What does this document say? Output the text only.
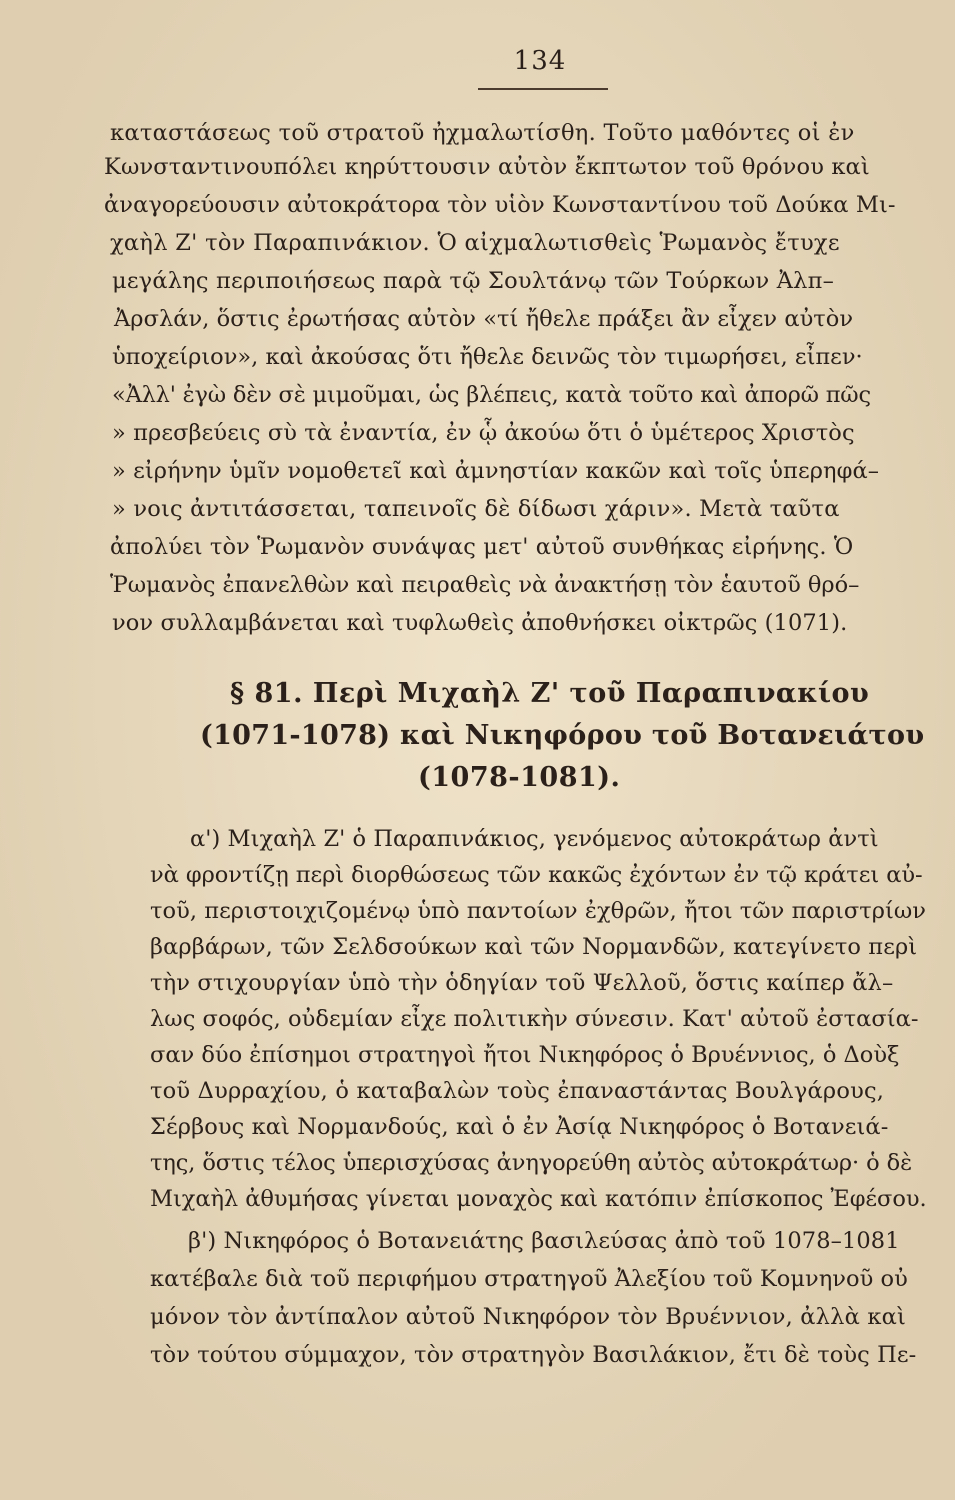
134
καταστάσεως τοῦ στρατοῦ ἠχμαλωτίσθη. Τοῦτο μαθόντες οἱ ἐν
Κωνσταντινουπόλει κηρύττουσιν αὐτὸν ἔκπτωτον τοῦ θρόνου καὶ
ἀναγορεύουσιν αὐτοκράτορα τὸν υἱὸν Κωνσταντίνου τοῦ Δούκα Μι-
χαὴλ Ζ' τὸν Παραπινάκιον. Ὁ αἰχμαλωτισθεὶς Ῥωμανὸς ἔτυχε
μεγάλης περιποιήσεως παρὰ τῷ Σουλτάνῳ τῶν Τούρκων Ἀλπ–
Ἀρσλάν, ὅστις ἐρωτήσας αὐτὸν «τί ἤθελε πράξει ἂν εἶχεν αὐτὸν
ὑποχείριον», καὶ ἀκούσας ὅτι ἤθελε δεινῶς τὸν τιμωρήσει, εἶπεν·
«Ἀλλ' ἐγὼ δὲν σὲ μιμοῦμαι, ὡς βλέπεις, κατὰ τοῦτο καὶ ἀπορῶ πῶς
» πρεσβεύεις σὺ τὰ ἐναντία, ἐν ᾧ ἀκούω ὅτι ὁ ὑμέτερος Χριστὸς
» εἰρήνην ὑμῖν νομοθετεῖ καὶ ἀμνηστίαν κακῶν καὶ τοῖς ὑπερηφά–
» νοις ἀντιτάσσεται, ταπεινοῖς δὲ δίδωσι χάριν». Μετὰ ταῦτα
ἀπολύει τὸν Ῥωμανὸν συνάψας μετ' αὐτοῦ συνθήκας εἰρήνης. Ὁ
Ῥωμανὸς ἐπανελθὼν καὶ πειραθεὶς νὰ ἀνακτήσῃ τὸν ἑαυτοῦ θρό–
νον συλλαμβάνεται καὶ τυφλωθεὶς ἀποθνήσκει οἰκτρῶς (1071).
§ 81. Περὶ Μιχαὴλ Ζ' τοῦ Παραπινακίου
(1071-1078) καὶ Νικηφόρου τοῦ Βοτανειάτου
(1078-1081).
α') Μιχαὴλ Ζ' ὁ Παραπινάκιος, γενόμενος αὐτοκράτωρ ἀντὶ
νὰ φροντίζῃ περὶ διορθώσεως τῶν κακῶς ἐχόντων ἐν τῷ κράτει αὐ-
τοῦ, περιστοιχιζομένῳ ὑπὸ παντοίων ἐχθρῶν, ἤτοι τῶν παριστρίων
βαρβάρων, τῶν Σελδσούκων καὶ τῶν Νορμανδῶν, κατεγίνετο περὶ
τὴν στιχουργίαν ὑπὸ τὴν ὁδηγίαν τοῦ Ψελλοῦ, ὅστις καίπερ ἄλ–
λως σοφός, οὐδεμίαν εἶχε πολιτικὴν σύνεσιν. Κατ' αὐτοῦ ἐστασία-
σαν δύο ἐπίσημοι στρατηγοὶ ἤτοι Νικηφόρος ὁ Βρυέννιος, ὁ Δοὺξ
τοῦ Δυρραχίου, ὁ καταβαλὼν τοὺς ἐπαναστάντας Βουλγάρους,
Σέρβους καὶ Νορμανδούς, καὶ ὁ ἐν Ἀσίᾳ Νικηφόρος ὁ Βοτανειά-
της, ὅστις τέλος ὑπερισχύσας ἀνηγορεύθη αὐτὸς αὐτοκράτωρ· ὁ δὲ
Μιχαὴλ ἀθυμήσας γίνεται μοναχὸς καὶ κατόπιν ἐπίσκοπος Ἐφέσου.
β') Νικηφόρος ὁ Βοτανειάτης βασιλεύσας ἀπὸ τοῦ 1078–1081
κατέβαλε διὰ τοῦ περιφήμου στρατηγοῦ Ἀλεξίου τοῦ Κομνηνοῦ οὐ
μόνον τὸν ἀντίπαλον αὐτοῦ Νικηφόρον τὸν Βρυέννιον, ἀλλὰ καὶ
τὸν τούτου σύμμαχον, τὸν στρατηγὸν Βασιλάκιον, ἔτι δὲ τοὺς Πε-
